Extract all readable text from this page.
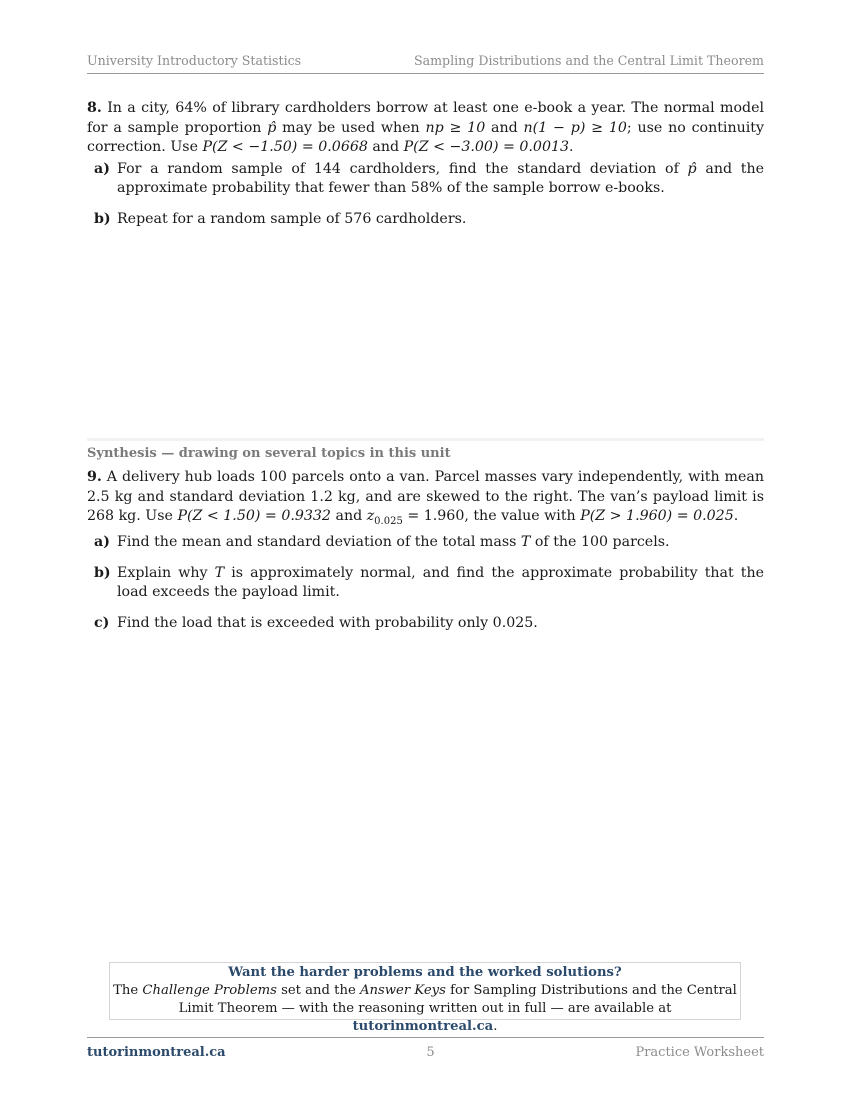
University Introductory Statistics	Sampling Distributions and the Central Limit Theorem
8. In a city, 64% of library cardholders borrow at least one e-book a year. The normal model for a sample proportion p̂ may be used when np ≥ 10 and n(1 − p) ≥ 10; use no continuity correction. Use P(Z < −1.50) = 0.0668 and P(Z < −3.00) = 0.0013.
a) For a random sample of 144 cardholders, find the standard deviation of p̂ and the approximate probability that fewer than 58% of the sample borrow e-books.
b) Repeat for a random sample of 576 cardholders.
Synthesis — drawing on several topics in this unit
9. A delivery hub loads 100 parcels onto a van. Parcel masses vary independently, with mean 2.5 kg and standard deviation 1.2 kg, and are skewed to the right. The van’s payload limit is 268 kg. Use P(Z < 1.50) = 0.9332 and $z_{0.025} = 1.960$, the value with P(Z > 1.960) = 0.025.
a) Find the mean and standard deviation of the total mass T of the 100 parcels.
b) Explain why T is approximately normal, and find the approximate probability that the load exceeds the payload limit.
c) Find the load that is exceeded with probability only 0.025.
Want the harder problems and the worked solutions?
The Challenge Problems set and the Answer Keys for Sampling Distributions and the Central Limit Theorem — with the reasoning written out in full — are available at tutorinmontreal.ca.
tutorinmontreal.ca	5	Practice Worksheet
